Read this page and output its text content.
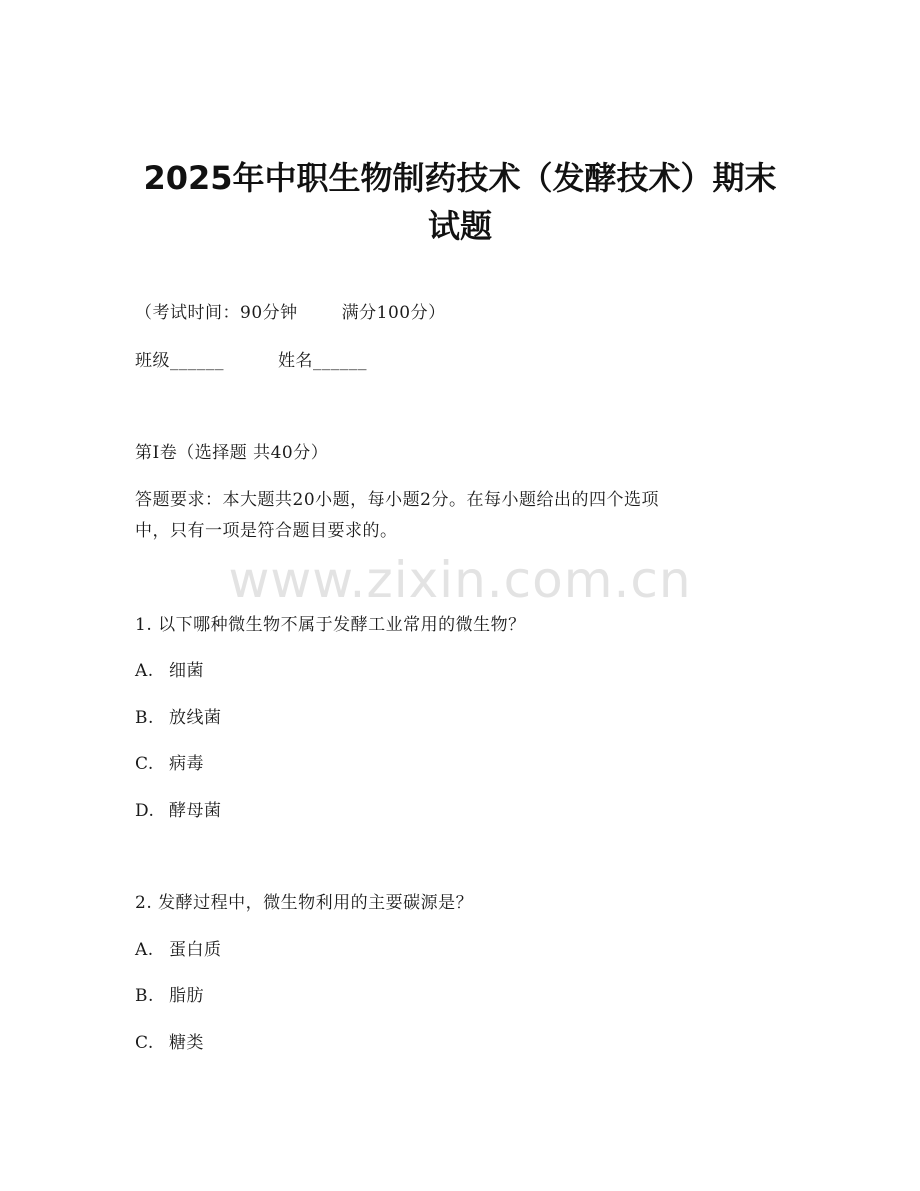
2025年中职生物制药技术（发酵技术）期末
试题
（考试时间：90分钟	满分100分）
班级______	姓名______
第Ⅰ卷（选择题 共40分）
答题要求：本大题共20小题，每小题2分。在每小题给出的四个选项
中，只有一项是符合题目要求的。
www.zixin.com.cn
1. 以下哪种微生物不属于发酵工业常用的微生物？
A. 细菌
B. 放线菌
C. 病毒
D. 酵母菌
2. 发酵过程中，微生物利用的主要碳源是？
A. 蛋白质
B. 脂肪
C. 糖类
